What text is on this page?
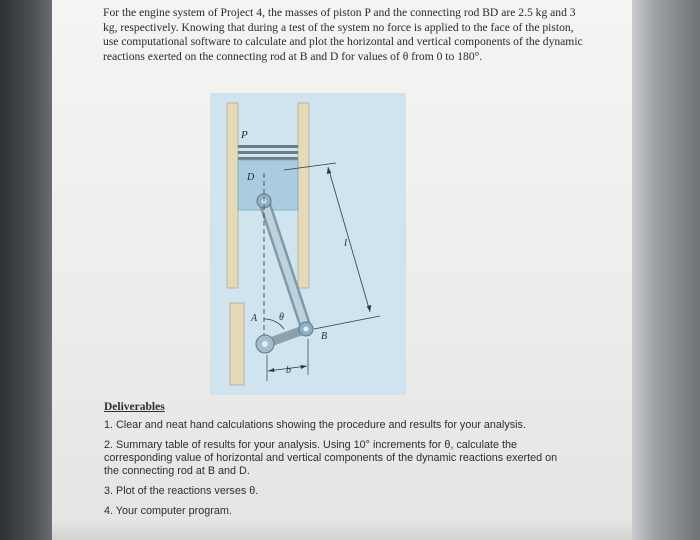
For the engine system of Project 4, the masses of piston P and the connecting rod BD are 2.5 kg and 3 kg, respectively. Knowing that during a test of the system no force is applied to the face of the piston, use computational software to calculate and plot the horizontal and vertical components of the dynamic reactions exerted on the connecting rod at B and D for values of θ from 0 to 180°.

P
D
A θ
B
l
b

Deliverables

1. Clear and neat hand calculations showing the procedure and results for your analysis.

2. Summary table of results for your analysis. Using 10° increments for θ, calculate the corresponding value of horizontal and vertical components of the dynamic reactions exerted on the connecting rod at B and D.

3. Plot of the reactions verses θ.

4. Your computer program.
